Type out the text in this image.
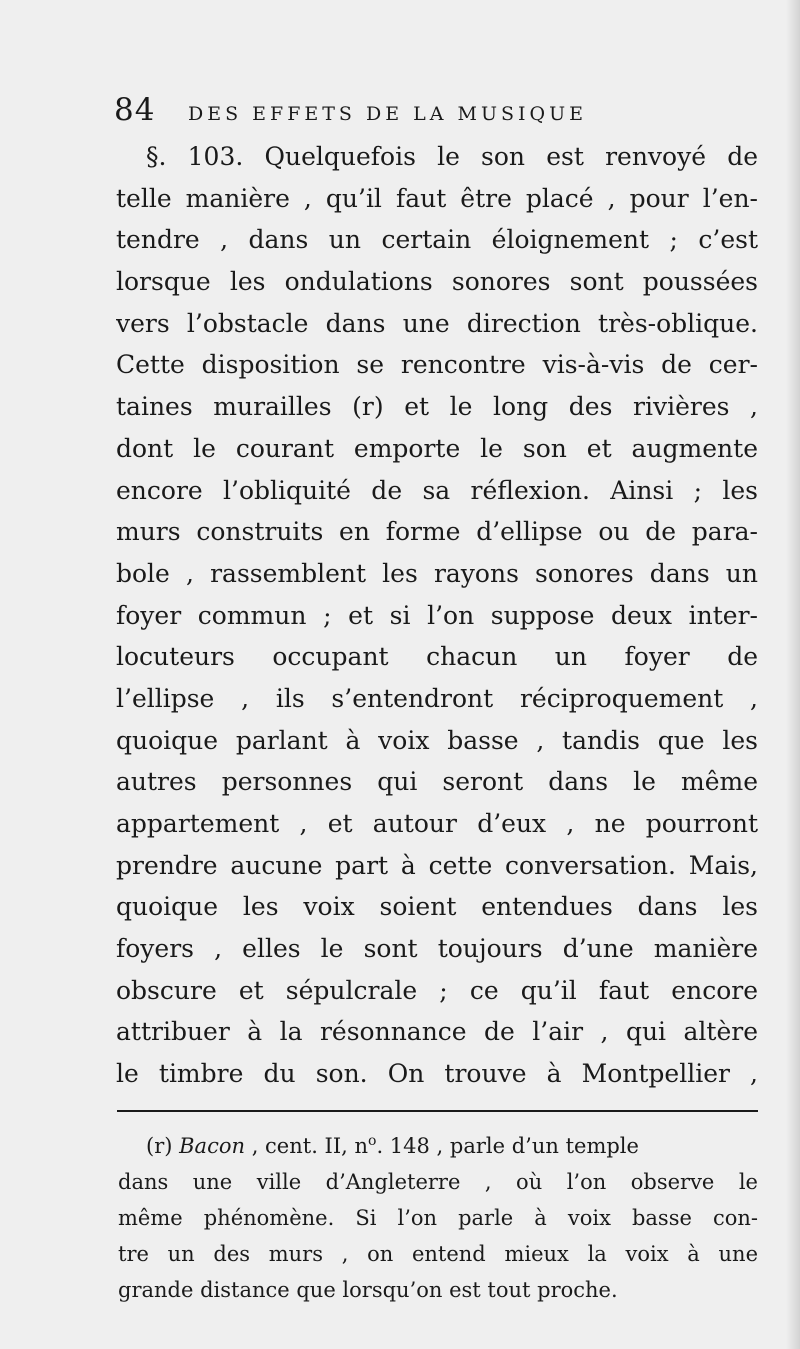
84	DES EFFETS DE LA MUSIQUE
§. 103. Quelquefois le son est renvoyé de
telle manière , qu’il faut être placé , pour l’en-
tendre , dans un certain éloignement ; c’est
lorsque les ondulations sonores sont poussées
vers l’obstacle dans une direction très-oblique.
Cette disposition se rencontre vis-à-vis de cer-
taines murailles (r) et le long des rivières ,
dont le courant emporte le son et augmente
encore l’obliquité de sa réflexion. Ainsi ; les
murs construits en forme d’ellipse ou de para-
bole , rassemblent les rayons sonores dans un
foyer commun ; et si l’on suppose deux inter-
locuteurs occupant chacun un foyer de
l’ellipse , ils s’entendront réciproquement ,
quoique parlant à voix basse , tandis que les
autres personnes qui seront dans le même
appartement , et autour d’eux , ne pourront
prendre aucune part à cette conversation. Mais,
quoique les voix soient entendues dans les
foyers , elles le sont toujours d’une manière
obscure et sépulcrale ; ce qu’il faut encore
attribuer à la résonnance de l’air , qui altère
le timbre du son. On trouve à Montpellier ,
(r) Bacon , cent. II, $n^o$. 148 , parle d’un temple
dans une ville d’Angleterre , où l’on observe le
même phénomène. Si l’on parle à voix basse con-
tre un des murs , on entend mieux la voix à une
grande distance que lorsqu’on est tout proche.
